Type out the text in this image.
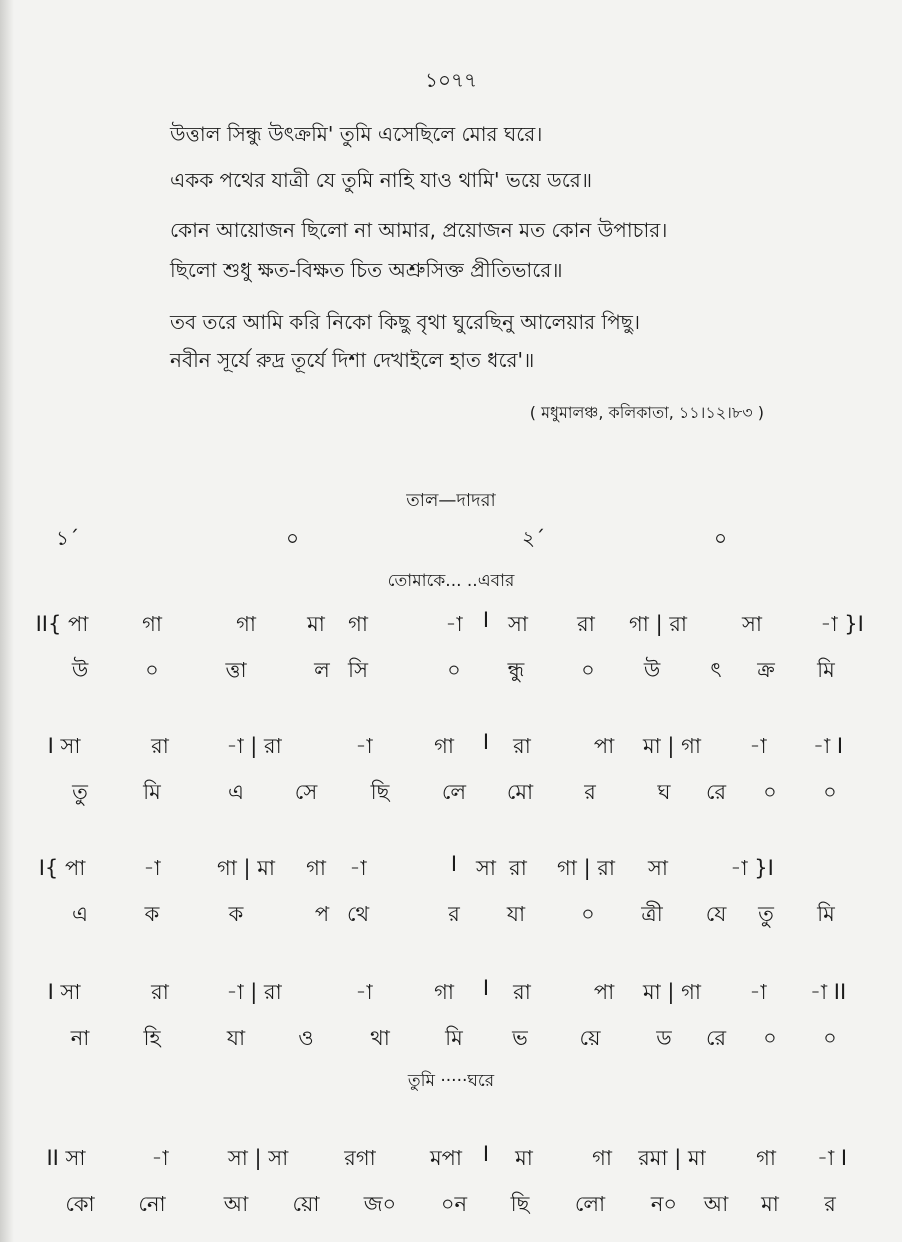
১০৭৭
উত্তাল সিন্ধু উৎক্রমি' তুমি এসেছিলে মোর ঘরে।
একক পথের যাত্রী যে তুমি নাহি যাও থামি' ভয়ে ডরে॥
কোন আয়োজন ছিলো না আমার, প্রয়োজন মত কোন উপাচার।
ছিলো শুধু ক্ষত-বিক্ষত চিত অশ্রুসিক্ত প্রীতিভারে॥
তব তরে আমি করি নিকো কিছু বৃথা ঘুরেছিনু আলেয়ার পিছু।
নবীন সূর্যে রুদ্র তূর্যে দিশা দেখাইলে হাত ধরে'॥
( মধুমালঞ্চ, কলিকাতা, ১১।১২।৮৩ )
তাল—দাদরা
১´	০	২´	০
তোমাকে... ..এবার
তুমি ·····ঘরে
II{ পা	গা	গা মা গা	-া I সা রা গা | রা	সা	-া }I
উ	০	ত্তা	ল সি	০ ন্ধু	০ উ ৎ ক্র মি
I সা	রা	-া | রা	-া	গা I রা	পা মা | গা -া -া I
তু	মি	এ সে	ছি	লে মো র	ঘ রে ০ ০
I{ পা	-া	গা | মা গা -া	I সা রা গা | রা সা	-া }I
এ	ক	ক	প থে	র যা	০ ত্রী যে তু মি
I সা	রা	-া | রা	-া	গা I রা	পা মা | গা -া -া II
না	হি	যা	ও	থা	মি ভ য়ে	ড রে ০ ০
II সা	-া	সা | সা	রগা	মপা I মা	গা রমা | মা গা -া I
কো নো	আ য়ো জ০ ০ন ছি লো ন০ আ মা র
